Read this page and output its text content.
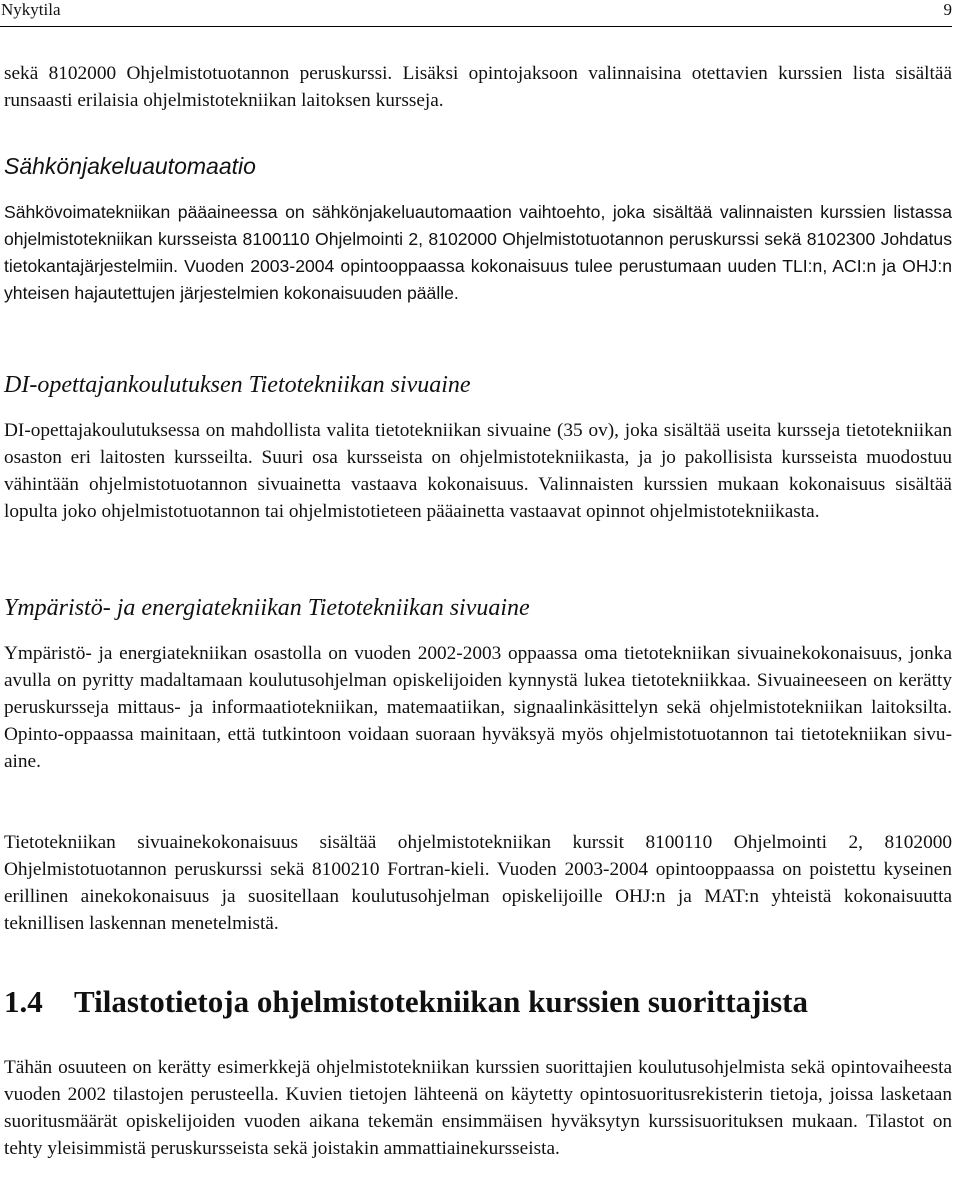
Nykytila	9

sekä 8102000 Ohjelmistotuotannon peruskurssi. Lisäksi opintojaksoon valinnaisina otettavien kurssien lista sisältää runsaasti erilaisia ohjelmistotekniikan laitoksen kursseja.

Sähkönjakeluautomaatio

Sähkövoimatekniikan pääaineessa on sähkönjakeluautomaation vaihtoehto, joka sisältää valinnaisten kurssien listassa ohjelmistotekniikan kursseista 8100110 Ohjelmointi 2, 8102000 Ohjelmistotuotannon peruskurssi sekä 8102300 Johdatus tietokantajärjestelmiin. Vuoden 2003-2004 opintooppaassa kokonaisuus tulee perustumaan uuden TLI:n, ACI:n ja OHJ:n yhteisen hajautettujen järjestelmien kokonaisuuden päälle.

DI-opettajankoulutuksen Tietotekniikan sivuaine

DI-opettajakoulutuksessa on mahdollista valita tietotekniikan sivuaine (35 ov), joka sisältää useita kursseja tietotekniikan osaston eri laitosten kursseilta. Suuri osa kursseista on ohjelmistotekniikasta, ja jo pakollisista kursseista muodostuu vähintään ohjelmistotuotannon sivuainetta vastaava kokonaisuus. Valinnaisten kurssien mukaan kokonaisuus sisältää lopulta joko ohjelmistotuotannon tai ohjelmistotieteen pääainetta vastaavat opinnot ohjelmistotekniikasta.

Ympäristö- ja energiatekniikan Tietotekniikan sivuaine

Ympäristö- ja energiatekniikan osastolla on vuoden 2002-2003 oppaassa oma tietotekniikan sivuainekokonaisuus, jonka avulla on pyritty madaltamaan koulutusohjelman opiskelijoiden kynnystä lukea tietotekniikkaa. Sivuaineeseen on kerätty peruskursseja mittaus- ja informaatiotekniikan, matemaatiikan, signaalinkäsittelyn sekä ohjelmistotekniikan laitoksilta. Opinto-oppaassa mainitaan, että tutkintoon voidaan suoraan hyväksyä myös ohjelmistotuotannon tai tietotekniikan sivuaine.

Tietotekniikan sivuainekokonaisuus sisältää ohjelmistotekniikan kurssit 8100110 Ohjelmointi 2, 8102000 Ohjelmistotuotannon peruskurssi sekä 8100210 Fortran-kieli. Vuoden 2003-2004 opintooppaassa on poistettu kyseinen erillinen ainekokonaisuus ja suositellaan koulutusohjelman opiskelijoille OHJ:n ja MAT:n yhteistä kokonaisuutta teknillisen laskennan menetelmistä.

1.4 Tilastotietoja ohjelmistotekniikan kurssien suorittajista

Tähän osuuteen on kerätty esimerkkejä ohjelmistotekniikan kurssien suorittajien koulutusohjelmista sekä opintovaiheesta vuoden 2002 tilastojen perusteella. Kuvien tietojen lähteenä on käytetty opintosuoritusrekisterin tietoja, joissa lasketaan suoritusmäärät opiskelijoiden vuoden aikana tekemän ensimmäisen hyväksytyn kurssisuorituksen mukaan. Tilastot on tehty yleisimmistä peruskursseista sekä joistakin ammattiainekursseista.
